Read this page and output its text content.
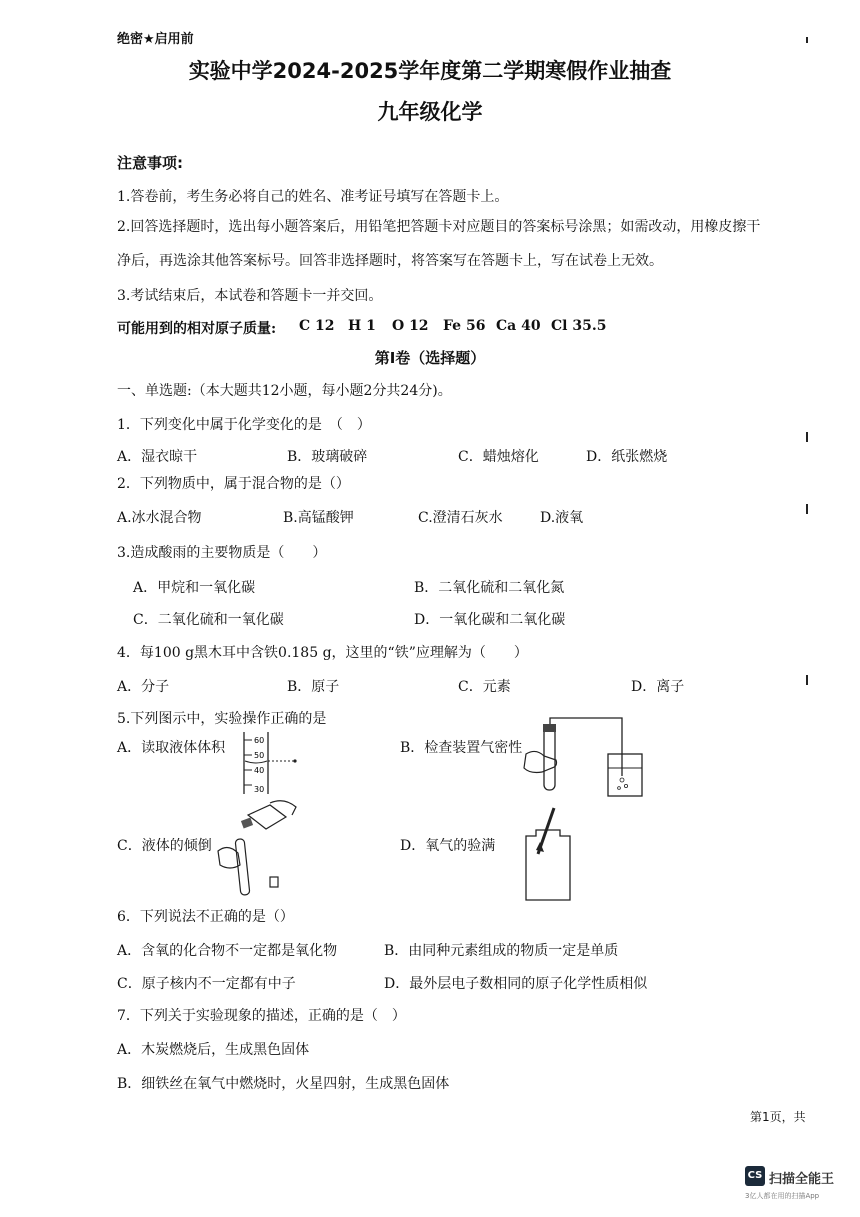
绝密★启用前
实验中学2024-2025学年度第二学期寒假作业抽查
九年级化学
注意事项:
1.答卷前，考生务必将自己的姓名、准考证号填写在答题卡上。
2.回答选择题时，选出每小题答案后，用铅笔把答题卡对应题目的答案标号涂黑；如需改动，用橡皮擦干
净后，再选涂其他答案标号。回答非选择题时，将答案写在答题卡上，写在试卷上无效。
3.考试结束后，本试卷和答题卡一并交回。
可能用到的相对原子质量: C 12 H 1 O 12 Fe 56 Ca 40 Cl 35.5
第I卷（选择题）
一、单选题:（本大题共12小题，每小题2分共24分)。
1．下列变化中属于化学变化的是　（　）
A．湿衣晾干	B．玻璃破碎	C．蜡烛熔化	D．纸张燃烧
2．下列物质中，属于混合物的是（）
A.冰水混合物	B.高锰酸钾	C.澄清石灰水	D.液氧
3.造成酸雨的主要物质是（　　）
A．甲烷和一氧化碳	B．二氧化硫和二氧化氮
C．二氧化硫和一氧化碳	D．一氧化碳和二氧化碳
4．每100 g黑木耳中含铁0.185 g，这里的“铁”应理解为（　　）
A．分子	B．原子	C．元素	D．离子
5.下列图示中，实验操作正确的是
A．读取液体体积	B．检查装置气密性
C．液体的倾倒	D．氧气的验满
60
50
40
30
6．下列说法不正确的是（）
A．含氧的化合物不一定都是氧化物	B．由同种元素组成的物质一定是单质
C．原子核内不一定都有中子	D．最外层电子数相同的原子化学性质相似
7．下列关于实验现象的描述，正确的是（　）
A．木炭燃烧后，生成黑色固体
B．细铁丝在氧气中燃烧时，火星四射，生成黑色固体
第1页，共
CS 扫描全能王
3亿人都在用的扫描App
